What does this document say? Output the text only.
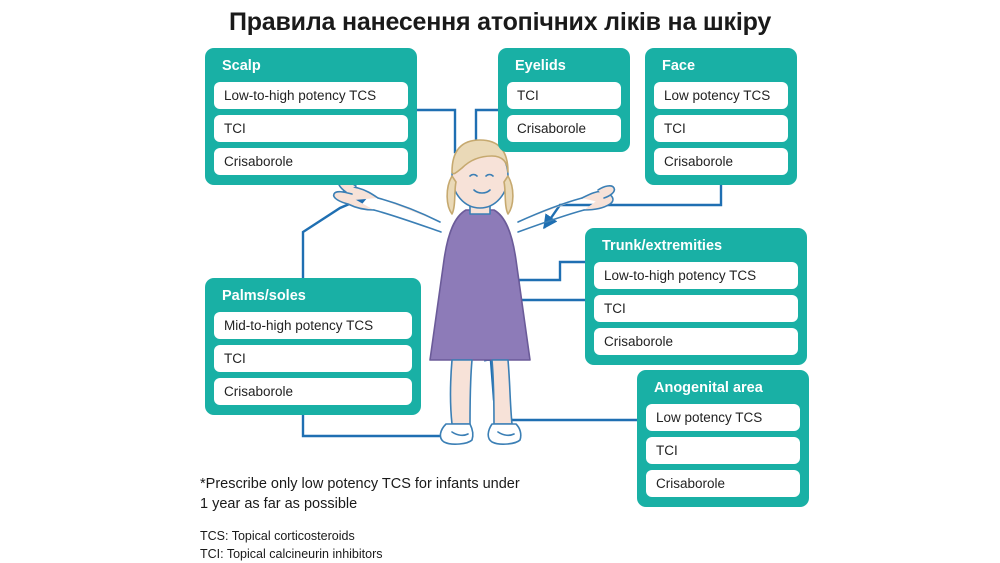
Правила нанесення атопічних ліків на шкіру
Scalp
Low-to-high potency TCS
TCI
Crisaborole
Eyelids
TCI
Crisaborole
Face
Low potency TCS
TCI
Crisaborole
Trunk/extremities
Low-to-high potency TCS
TCI
Crisaborole
Palms/soles
Mid-to-high potency TCS
TCI
Crisaborole	Anogenital area
Low potency TCS
TCI
Crisaborole
*Prescribe only low potency TCS for infants under 1 year as far as possible
TCS: Topical corticosteroids
TCI: Topical calcineurin inhibitors
